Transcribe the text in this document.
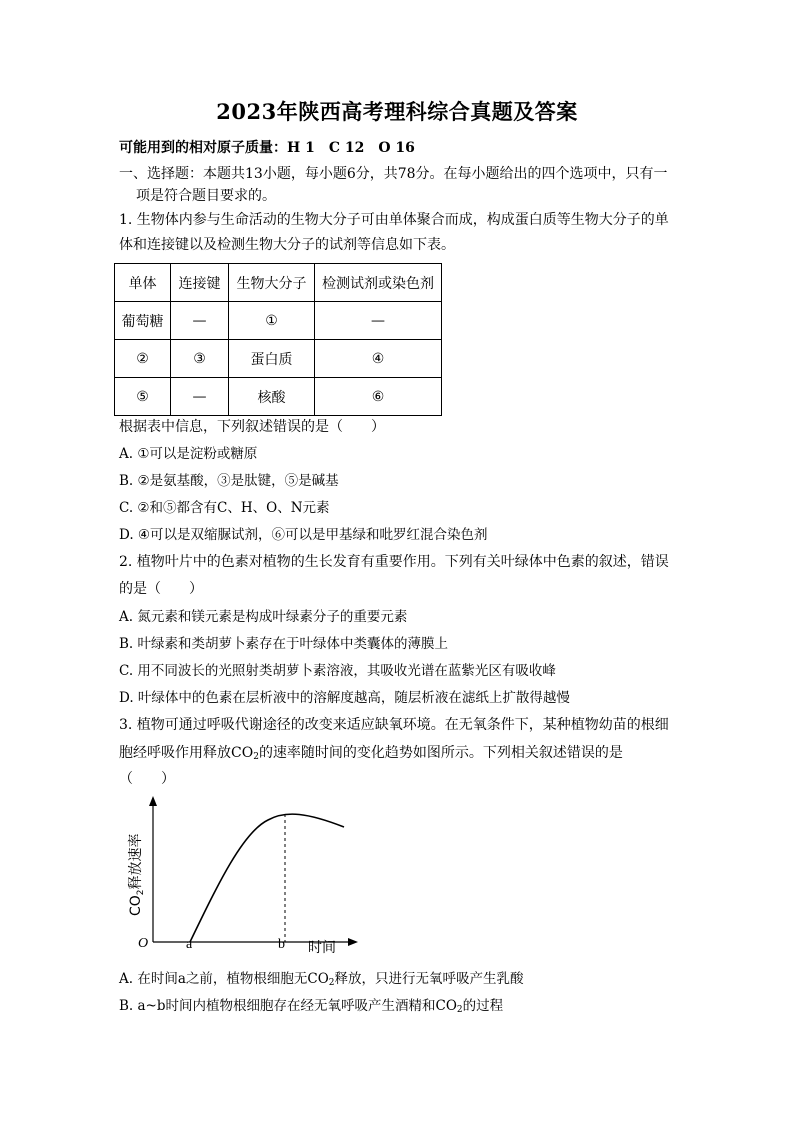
2023年陕西高考理科综合真题及答案
可能用到的相对原子质量：H 1　C 12　O 16
一、选择题：本题共13小题，每小题6分，共78分。在每小题给出的四个选项中，只有一
项是符合题目要求的。
1. 生物体内参与生命活动的生物大分子可由单体聚合而成，构成蛋白质等生物大分子的单
体和连接键以及检测生物大分子的试剂等信息如下表。
单体	连接键	生物大分子	检测试剂或染色剂
葡萄糖	—	①	—
②	③	蛋白质	④
⑤	—	核酸	⑥
根据表中信息，下列叙述错误的是（　　）
A. ①可以是淀粉或糖原
B. ②是氨基酸，③是肽键，⑤是碱基
C. ②和⑤都含有C、H、O、N元素
D. ④可以是双缩脲试剂，⑥可以是甲基绿和吡罗红混合染色剂
2. 植物叶片中的色素对植物的生长发育有重要作用。下列有关叶绿体中色素的叙述，错误
的是（　　）
A. 氮元素和镁元素是构成叶绿素分子的重要元素
B. 叶绿素和类胡萝卜素存在于叶绿体中类囊体的薄膜上
C. 用不同波长的光照射类胡萝卜素溶液，其吸收光谱在蓝紫光区有吸收峰
D. 叶绿体中的色素在层析液中的溶解度越高，随层析液在滤纸上扩散得越慢
3. 植物可通过呼吸代谢途径的改变来适应缺氧环境。在无氧条件下，某种植物幼苗的根细
胞经呼吸作用释放$CO_2$的速率随时间的变化趋势如图所示。下列相关叙述错误的是
（　　）
O	a	b 时间
$CO_2$释放速率
A. 在时间a之前，植物根细胞无$CO_2$释放，只进行无氧呼吸产生乳酸
B. a~b时间内植物根细胞存在经无氧呼吸产生酒精和$CO_2$的过程
